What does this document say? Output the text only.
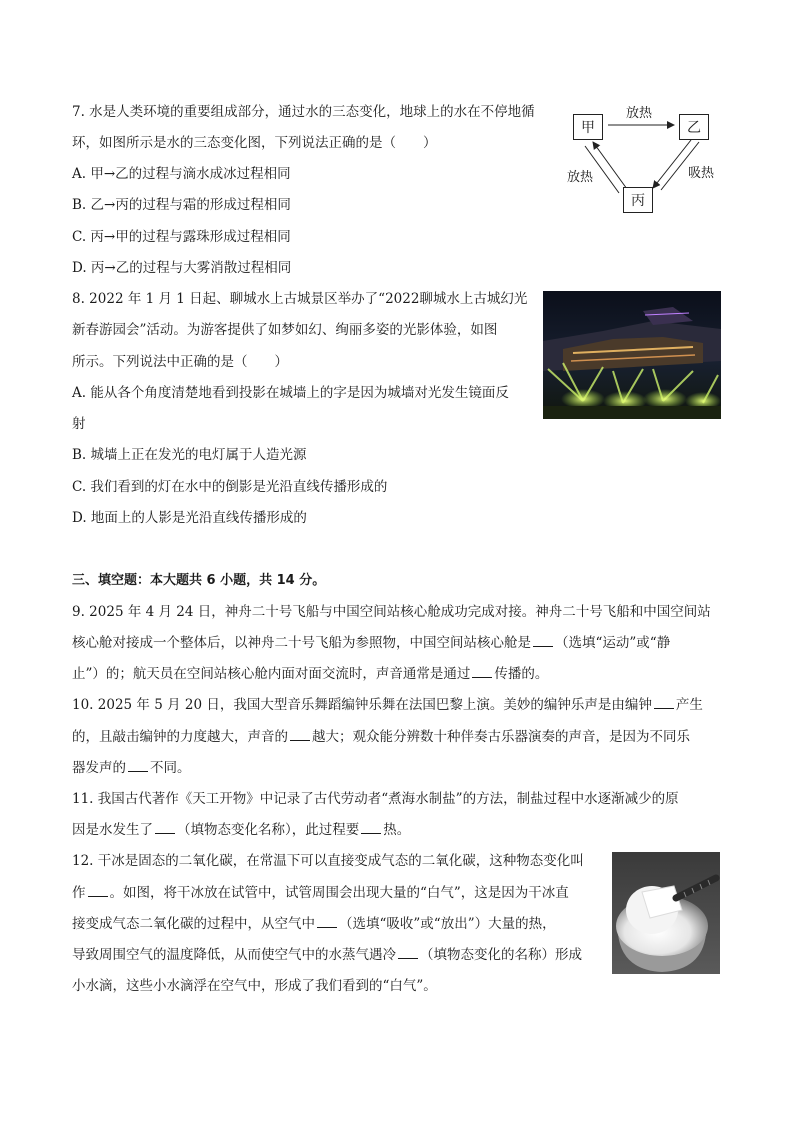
7. 水是人类环境的重要组成部分，通过水的三态变化，地球上的水在不停地循
环，如图所示是水的三态变化图，下列说法正确的是（　　）
A. 甲→乙的过程与滴水成冰过程相同
B. 乙→丙的过程与霜的形成过程相同
C. 丙→甲的过程与露珠形成过程相同
D. 丙→乙的过程与大雾消散过程相同
甲	乙
丙
放热
放热	吸热
8. 2022 年 1 月 1 日起、聊城水上古城景区举办了“2022聊城水上古城幻光
新春游园会”活动。为游客提供了如梦如幻、绚丽多姿的光影体验，如图
所示。下列说法中正确的是（　　）
A. 能从各个角度清楚地看到投影在城墙上的字是因为城墙对光发生镜面反
射
B. 城墙上正在发光的电灯属于人造光源
C. 我们看到的灯在水中的倒影是光沿直线传播形成的
D. 地面上的人影是光沿直线传播形成的
三、填空题：本大题共 6 小题，共 14 分。
9. 2025 年 4 月 24 日，神舟二十号飞船与中国空间站核心舱成功完成对接。神舟二十号飞船和中国空间站
核心舱对接成一个整体后，以神舟二十号飞船为参照物，中国空间站核心舱是 （选填“运动”或“静
止”）的；航天员在空间站核心舱内面对面交流时，声音通常是通过 传播的。
10. 2025 年 5 月 20 日，我国大型音乐舞蹈编钟乐舞在法国巴黎上演。美妙的编钟乐声是由编钟 产生
的，且敲击编钟的力度越大，声音的 越大；观众能分辨数十种伴奏古乐器演奏的声音，是因为不同乐
器发声的 不同。
11. 我国古代著作《天工开物》中记录了古代劳动者“煮海水制盐”的方法，制盐过程中水逐渐减少的原
因是水发生了 （填物态变化名称），此过程要 热。
12. 干冰是固态的二氧化碳，在常温下可以直接变成气态的二氧化碳，这种物态变化叫
作 。如图，将干冰放在试管中，试管周围会出现大量的“白气”，这是因为干冰直
接变成气态二氧化碳的过程中，从空气中 （选填“吸收”或“放出”）大量的热，
导致周围空气的温度降低，从而使空气中的水蒸气遇冷 （填物态变化的名称）形成
小水滴，这些小水滴浮在空气中，形成了我们看到的“白气”。
